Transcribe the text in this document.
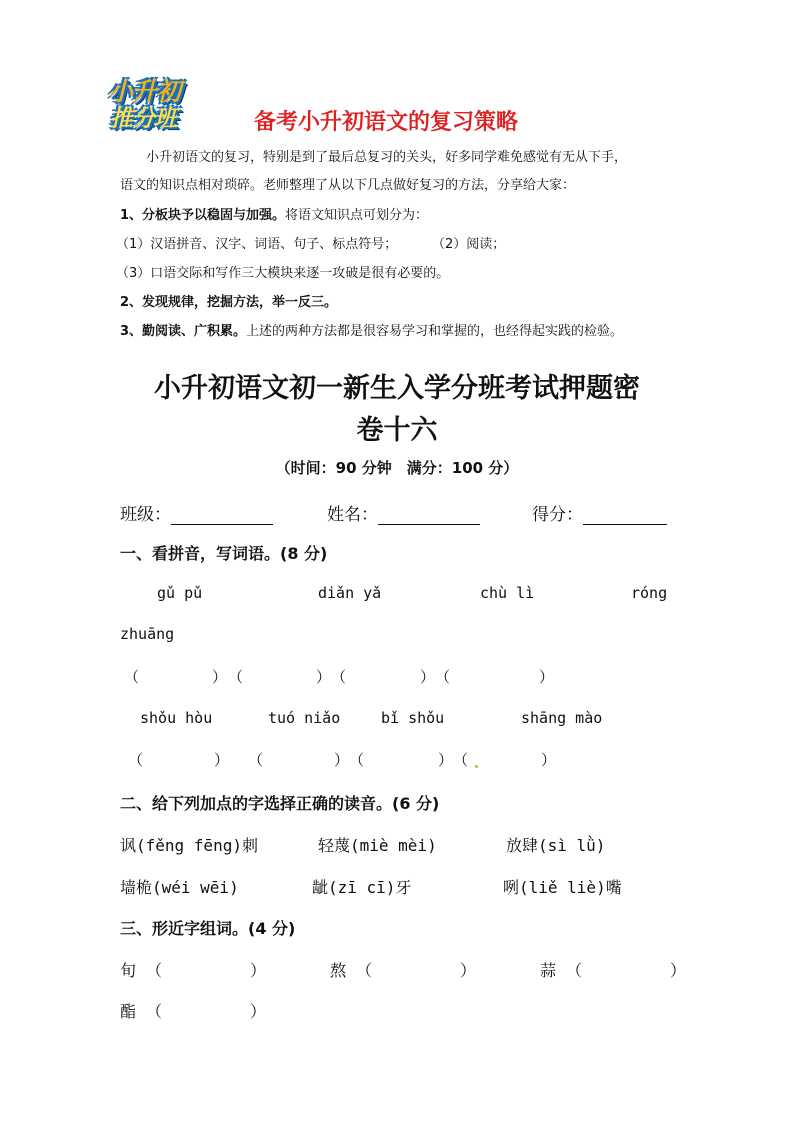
小升初
推分班	备考小升初语文的复习策略
小升初语文的复习，特别是到了最后总复习的关头，好多同学难免感觉有无从下手，
语文的知识点相对琐碎。老师整理了从以下几点做好复习的方法，分享给大家：
1、分板块予以稳固与加强。将语文知识点可划分为：
（1）汉语拼音、汉字、词语、句子、标点符号；	（2）阅读；
（3）口语交际和写作三大模块来逐一攻破是很有必要的。
2、发现规律，挖掘方法，举一反三。
3、勤阅读、广积累。上述的两种方法都是很容易学习和掌握的，也经得起实践的检验。
小升初语文初一新生入学分班考试押题密
卷十六
（时间：90 分钟　满分：100 分）
班级：	姓名：	得分：
一、看拼音，写词语。(8 分)
gǔ pǔ	diǎn yǎ	chù lì	róng
zhuāng
（	） （	） （	） （	）
shǒu hòu	tuó niǎo	bǐ shǒu	shāng mào
（	） （	） （	） （	）
二、给下列加点的字选择正确的读音。(6 分)
讽(fěng fēng)刺	轻蔑(miè mèi)	放肆(sì lǜ)
墙桅(wéi wēi)	龇(zī cī)牙	咧(liě liè)嘴
三、形近字组词。(4 分)
旬 （	）	熬 （	）	蒜 （	）
酯 （	）
